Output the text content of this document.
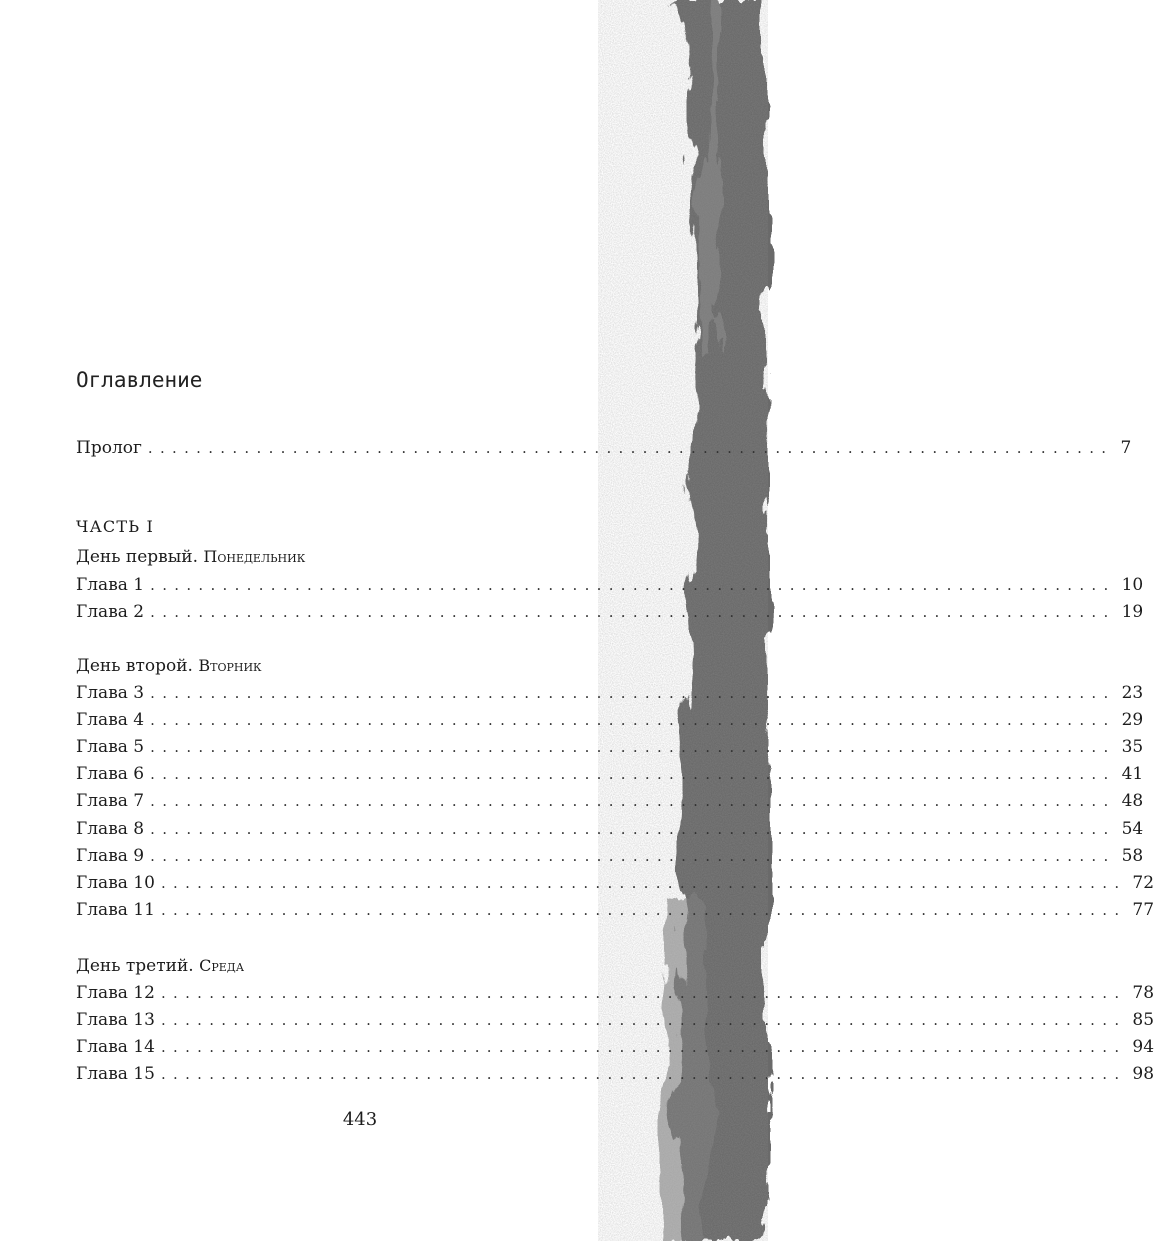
Оглавление
Пролог ................................................................................ 7
ЧАСТЬ I
День первый. Понедельник
Глава 1 ................................................................................ 10
Глава 2 ................................................................................ 19
День второй. Вторник
Глава 3 ................................................................................ 23
Глава 4 ................................................................................ 29
Глава 5 ................................................................................ 35
Глава 6 ................................................................................ 41
Глава 7 ................................................................................ 48
Глава 8 ................................................................................ 54
Глава 9 ................................................................................ 58
Глава 10 ................................................................................ 72
Глава 11 ................................................................................ 77
День третий. Среда
Глава 12 ................................................................................ 78
Глава 13 ................................................................................ 85
Глава 14 ................................................................................ 94
Глава 15 ................................................................................ 98
443
